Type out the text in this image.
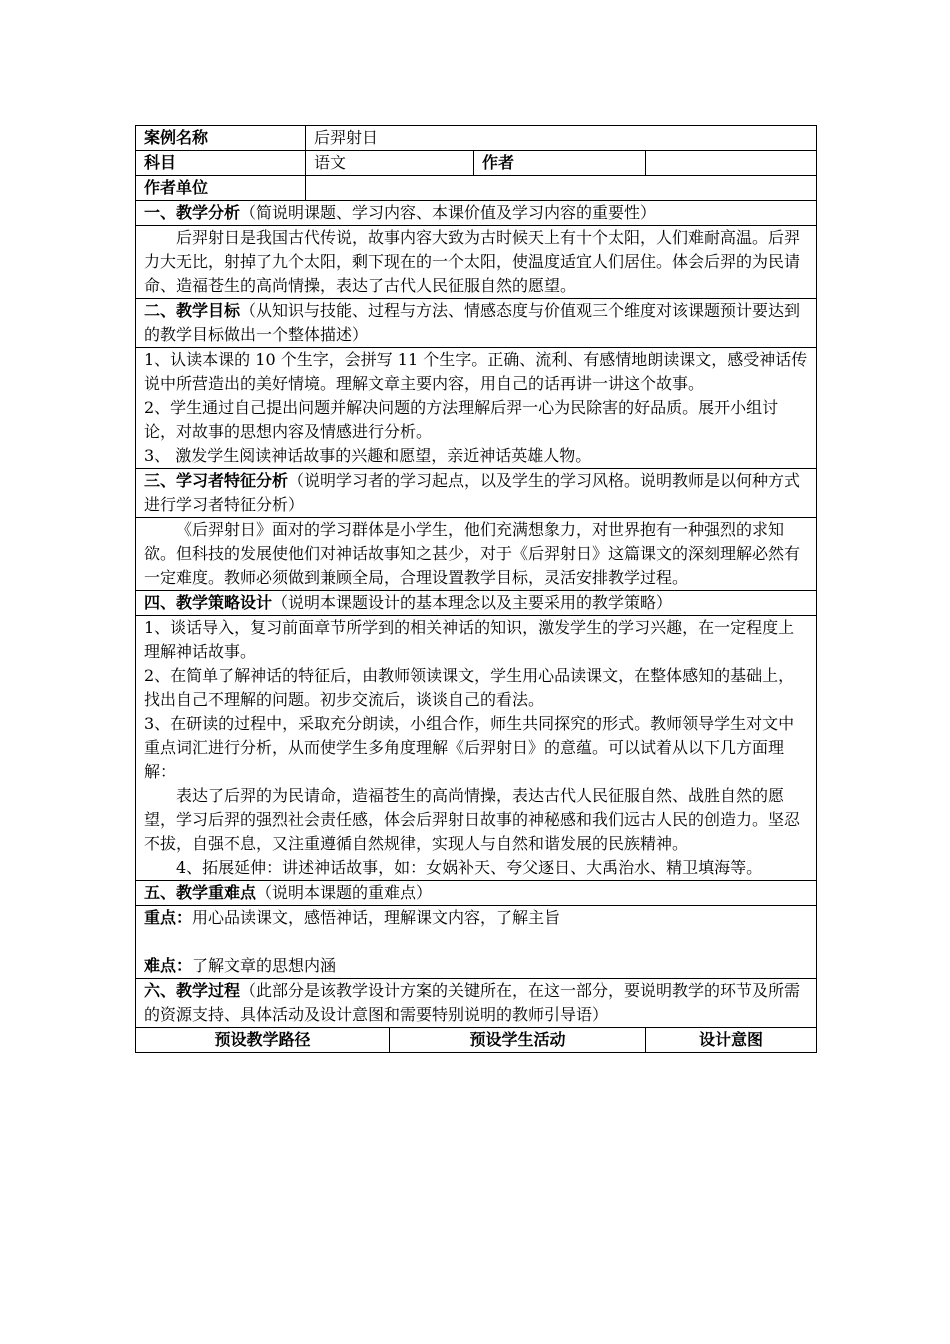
案例名称	后羿射日			
科目	语文		作者	
作者单位				
一、教学分析（简说明课题、学习内容、本课价值及学习内容的重要性）				

后羿射日是我国古代传说，故事内容大致为古时候天上有十个太阳，人们难耐高温。后羿力大无比，射掉了九个太阳，剩下现在的一个太阳，使温度适宜人们居住。体会后羿的为民请命、造福苍生的高尚情操，表达了古代人民征服自然的愿望。				

二、教学目标（从知识与技能、过程与方法、情感态度与价值观三个维度对该课题预计要达到的教学目标做出一个整体描述）				

1、认读本课的 10 个生字，会拼写 11 个生字。正确、流利、有感情地朗读课文，感受神话传说中所营造出的美好情境。理解文章主要内容，用自己的话再讲一讲这个故事。

2、学生通过自己提出问题并解决问题的方法理解后羿一心为民除害的好品质。展开小组讨论，对故事的思想内容及情感进行分析。

3、 激发学生阅读神话故事的兴趣和愿望，亲近神话英雄人物。				

三、学习者特征分析（说明学习者的学习起点，以及学生的学习风格。说明教师是以何种方式进行学习者特征分析）				

《后羿射日》面对的学习群体是小学生，他们充满想象力，对世界抱有一种强烈的求知欲。但科技的发展使他们对神话故事知之甚少，对于《后羿射日》这篇课文的深刻理解必然有一定难度。教师必须做到兼顾全局，合理设置教学目标，灵活安排教学过程。				

四、教学策略设计（说明本课题设计的基本理念以及主要采用的教学策略）				

1、谈话导入，复习前面章节所学到的相关神话的知识，激发学生的学习兴趣，在一定程度上理解神话故事。

2、在简单了解神话的特征后，由教师领读课文，学生用心品读课文，在整体感知的基础上，找出自己不理解的问题。初步交流后，谈谈自己的看法。

3、在研读的过程中，采取充分朗读，小组合作，师生共同探究的形式。教师领导学生对文中重点词汇进行分析，从而使学生多角度理解《后羿射日》的意蕴。可以试着从以下几方面理解：

表达了后羿的为民请命，造福苍生的高尚情操，表达古代人民征服自然、战胜自然的愿望，学习后羿的强烈社会责任感，体会后羿射日故事的神秘感和我们远古人民的创造力。坚忍不拔，自强不息，又注重遵循自然规律，实现人与自然和谐发展的民族精神。

4、拓展延伸：讲述神话故事，如：女娲补天、夸父逐日、大禹治水、精卫填海等。				

五、教学重难点（说明本课题的重难点）				

重点：用心品读课文，感悟神话，理解课文内容，了解主旨

难点：了解文章的思想内涵				

六、教学过程（此部分是该教学设计方案的关键所在，在这一部分，要说明教学的环节及所需的资源支持、具体活动及设计意图和需要特别说明的教师引导语）				
预设教学路径		预设学生活动		设计意图
